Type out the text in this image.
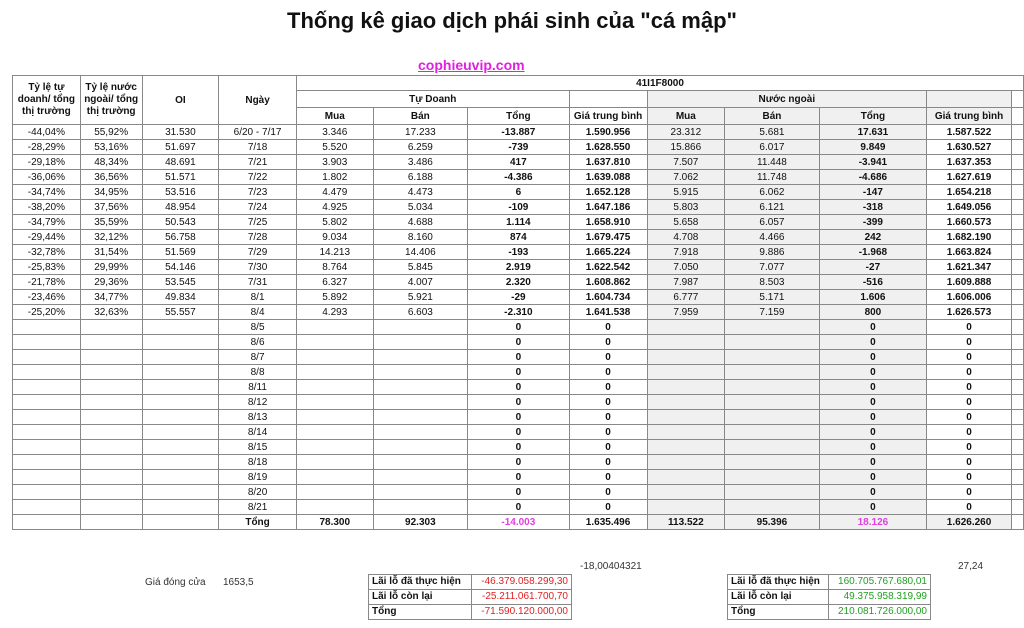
Thống kê giao dịch phái sinh của "cá mập"
cophieuvip.com
Tỷ lệ tự doanh/ tổng thị trường	Tỷ lệ nước ngoài/ tổng thị trường	OI	Ngày	41I1F8000								
				Tự Doanh				Nước ngoài				
				Mua	Bán	Tổng	Giá trung bình	Mua	Bán	Tổng	Giá trung bình	
-44,04%	55,92%	31.530	6/20 - 7/17	3.346	17.233	-13.887	1.590.956	23.312	5.681	17.631	1.587.522	
-28,29%	53,16%	51.697	7/18	5.520	6.259	-739	1.628.550	15.866	6.017	9.849	1.630.527	
-29,18%	48,34%	48.691	7/21	3.903	3.486	417	1.637.810	7.507	11.448	-3.941	1.637.353	
-36,06%	36,56%	51.571	7/22	1.802	6.188	-4.386	1.639.088	7.062	11.748	-4.686	1.627.619	
-34,74%	34,95%	53.516	7/23	4.479	4.473	6	1.652.128	5.915	6.062	-147	1.654.218	
-38,20%	37,56%	48.954	7/24	4.925	5.034	-109	1.647.186	5.803	6.121	-318	1.649.056	
-34,79%	35,59%	50.543	7/25	5.802	4.688	1.114	1.658.910	5.658	6.057	-399	1.660.573	
-29,44%	32,12%	56.758	7/28	9.034	8.160	874	1.679.475	4.708	4.466	242	1.682.190	
-32,78%	31,54%	51.569	7/29	14.213	14.406	-193	1.665.224	7.918	9.886	-1.968	1.663.824	
-25,83%	29,99%	54.146	7/30	8.764	5.845	2.919	1.622.542	7.050	7.077	-27	1.621.347	
-21,78%	29,36%	53.545	7/31	6.327	4.007	2.320	1.608.862	7.987	8.503	-516	1.609.888	
-23,46%	34,77%	49.834	8/1	5.892	5.921	-29	1.604.734	6.777	5.171	1.606	1.606.006	
-25,20%	32,63%	55.557	8/4	4.293	6.603	-2.310	1.641.538	7.959	7.159	800	1.626.573	
			8/5			0	0			0	0	
			8/6			0	0			0	0	
			8/7			0	0			0	0	
			8/8			0	0			0	0	
			8/11			0	0			0	0	
			8/12			0	0			0	0	
			8/13			0	0			0	0	
			8/14			0	0			0	0	
			8/15			0	0			0	0	
			8/18			0	0			0	0	
			8/19			0	0			0	0	
			8/20			0	0			0	0	
			8/21			0	0			0	0	
			Tổng	78.300	92.303	-14.003	1.635.496	113.522	95.396	18.126	1.626.260	
-18,00404321	27,24
Giá đóng cửa 1653,5	Lãi lỗ đã thực hiện	-46.379.058.299,30
Lãi lỗ còn lại	-25.211.061.700,70
Tổng	-71.590.120.000,00
Lãi lỗ đã thực hiện	160.705.767.680,01
Lãi lỗ còn lại	49.375.958.319,99
Tổng	210.081.726.000,00
